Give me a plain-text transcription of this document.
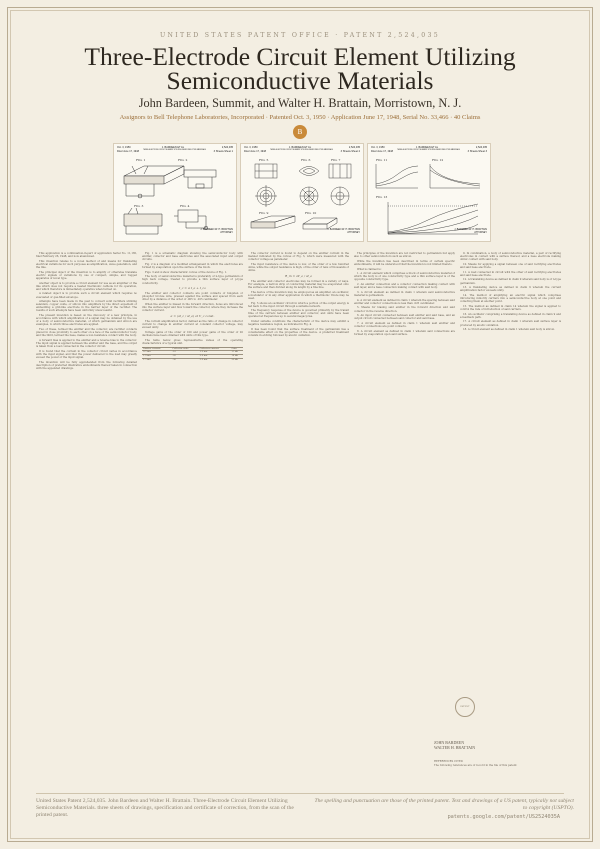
UNITED STATES PATENT OFFICE · PATENT 2,524,035
Three-Electrode Circuit Element Utilizing Semiconductive Materials
John Bardeen, Summit, and Walter H. Brattain, Morristown, N. J.
Assignors to Bell Telephone Laboratories, Incorporated · Patented Oct. 3, 1950 · Application June 17, 1948, Serial No. 33,466 · 40 Claims
B
Oct. 3, 1950	J. BARDEEN ET AL	2,524,035

THREE-ELECTRODE CIRCUIT ELEMENT UTILIZING SEMICONDUCTIVE MATERIALS
Filed June 17, 1948	3 Sheets-Sheet 1
FIG. 1	FIG. 2
FIG. 3	FIG. 4
J. BARDEEN W. H. BRATTAIN
ATTORNEY
Oct. 3, 1950	J. BARDEEN ET AL	2,524,035

THREE-ELECTRODE CIRCUIT ELEMENT UTILIZING SEMICONDUCTIVE MATERIALS
Filed June 17, 1948	3 Sheets-Sheet 2
FIG. 5	FIG. 6	FIG. 7
FIG. 9	FIG. 10
J. BARDEEN W. H. BRATTAIN
ATTORNEY
Oct. 3, 1950	J. BARDEEN ET AL	2,524,035

THREE-ELECTRODE CIRCUIT ELEMENT UTILIZING SEMICONDUCTIVE MATERIALS
Filed June 17, 1948	3 Sheets-Sheet 3
FIG. 11	FIG. 12
FIG. 13
J. BARDEEN W. H. BRATTAIN
ATTORNEY

This application is a continuation-in-part of application Serial No. 11,165, filed February 26, 1948, and now abandoned.

This invention relates to a novel method of and means for translating electrical variations for such purposes as amplification, wave generation, and the like.

The principal object of the invention is to amplify or otherwise translate electric signals or variations by use of compact, simple, and rugged apparatus of novel type.

Another object is to provide a circuit element for use as an amplifier or the like which does not require a heated thermionic cathode for its operation, and which therefore is immediately operative when turned on.

A related object is to provide such a circuit element which requires no evacuated or gas-filled envelope.

Attempts have been made in the past to convert solid rectifiers utilizing selenium, copper oxide, or silicon into amplifiers by the direct expedient of embedding a grid-like electrode in the barrier layer of the rectifier. The results of such attempts have been uniformly unsuccessful.

The present invention is based on the discovery of a new principle, in accordance with which amplification of a signal may be obtained by the use of a body of semiconductive material, of which germanium and silicon are examples, to which three electrodes are applied.

Two of these, termed the emitter and the collector, are rectifier contacts placed in close proximity to each other on a face of the semiconductor body, and the third, termed the base, makes a low-resistance contact with the body.

A forward bias is applied to the emitter and a reverse bias to the collector. The input signal is applied between the emitter and the base, and the output is taken from a load connected in the collector circuit.

It is found that the current in the collector circuit varies in accordance with the input signal, and that the power delivered to the load may greatly exceed the power of the input signal.

The invention will be fully apprehended from the following detailed description of preferred illustrative embodiments thereof taken in connection with the appended drawings.

Fig. 1 is a schematic diagram showing the semiconductor body with emitter, collector and base electrodes and the associated input and output circuits.

Fig. 2 is a diagram of a modified arrangement in which the electrodes are formed by evaporation upon the surface of the block.

Figs. 3 and 4 show characteristic curves of the device of Fig. 1.

The body of semiconductive material is preferably of n-type germanium of high back voltage, treated to provide a thin surface layer of p-type conductivity.

I_c = α I_e + I_co

The emitter and collector contacts are point contacts of tungsten or phosphor bronze wire, pressed against the surface and spaced from each other by a distance of the order of .005 to .025 centimeter.

When the emitter is biased in the forward direction, holes are introduced into the surface layer and flow toward the collector, where they increase the collector current.

α = (∂I_c / ∂I_e) at V_c const.

The current amplification factor, defined as the ratio of change in collector current to change in emitter current at constant collector voltage, may exceed unity.

Voltage gains of the order of 100 and power gains of the order of 20 decibels have been obtained with units of this type.

The table below gives representative values of the operating characteristics of a typical unit.

Emitter current	Collector volts	Collector current	Gain
0.5 ma.	-10	1.2 ma.	15 db
1.0 ma.	-20	2.4 ma.	18 db
1.5 ma.	-30	3.6 ma.	20 db

The collector current is found to depend on the emitter current in the manner indicated by the curves of Fig. 3, which were measured with the collector voltage as parameter.

The input resistance of the device is low, of the order of a few hundred ohms, while the output resistance is high, of the order of tens of thousands of ohms.

R_in = ∂V_e / ∂I_e

The emitter and collector electrodes may be formed in a variety of ways. For example, a narrow strip of conducting material may be evaporated onto the surface and then divided along its length by a fine line.

The device of the invention may be employed as an amplifier, an oscillator, a modulator or in any other application in which a thermionic triode may be used.

Fig. 5 shows an oscillator circuit in which a portion of the output energy is fed back to the input circuit through a suitable network.

The frequency response of the device is governed primarily by the transit time of the carriers between emitter and collector, and units have been operated at frequencies up to several megacycles.

Under suitable conditions the characteristic of the device may exhibit a negative resistance region, as indicated in Fig. 4.

It has been found that the surface treatment of the germanium has a considerable effect on the properties of the device. A preferred treatment consists in etching followed by anodic oxidation.

The principles of the invention are not restricted to germanium but apply also to other semiconductors such as silicon.

While the invention has been described in terms of certain specific embodiments, it will be understood that the invention is not limited thereto.

What is claimed is:

1. A circuit element which comprises a block of semiconductive material of which the body is of one conductivity type and a thin surface layer is of the opposite conductivity type.

2. An emitter connection and a collector connection making contact with said layer, and a base connection making contact with said body.

3. A circuit element as defined in claim 1 wherein said semiconductive material is germanium.

4. A circuit element as defined in claim 1 wherein the spacing between said emitter and collector connections is less than .025 centimeter.

5. Means for biasing said emitter in the forward direction and said collector in the reverse direction.

6. An input circuit connected between said emitter and said base, and an output circuit connected between said collector and said base.

7. A circuit element as defined in claim 1 wherein said emitter and collector connections are point contacts.

8. A circuit element as defined in claim 1 wherein said connections are formed by evaporation upon said surface.

9. In combination, a body of semiconductive material, a pair of rectifying electrodes in contact with a surface thereof, and a base electrode making ohmic contact with said body.

10. Means for applying a signal between one of said rectifying electrodes and said base electrode.

11. A load connected in circuit with the other of said rectifying electrodes and said base electrode.

12. A translating device as defined in claim 9 wherein said body is of n-type germanium.

13. A translating device as defined in claim 9 wherein the current amplification factor exceeds unity.

14. The method of amplifying an electric signal which comprises introducing minority carriers into a semiconductive body at one point and collecting them at another point.

15. The method as defined in claim 14 wherein the signal is applied to control the rate of introduction of said carriers.

16. An oscillator comprising a translating device as defined in claim 9 and a feedback path.

17. A circuit element as defined in claim 1 wherein said surface layer is produced by anodic oxidation.

18. A circuit element as defined in claim 1 wherein said body is silicon.

PATENT
JOHN BARDEEN
WALTER H. BRATTAIN
REFERENCES CITED
The following references are of record in the file of this patent:
United States Patent 2,524,035. John Bardeen and Walter H. Brattain. Three-Electrode Circuit Element Utilizing Semiconductive Materials. three sheets of drawings, specification and certificate of correction, from the scan of the printed patent.
The spelling and punctuation are those of the printed patent. Text and drawings of a US patent, typically not subject to copyright (USPTO).
patents.google.com/patent/US2524035A
